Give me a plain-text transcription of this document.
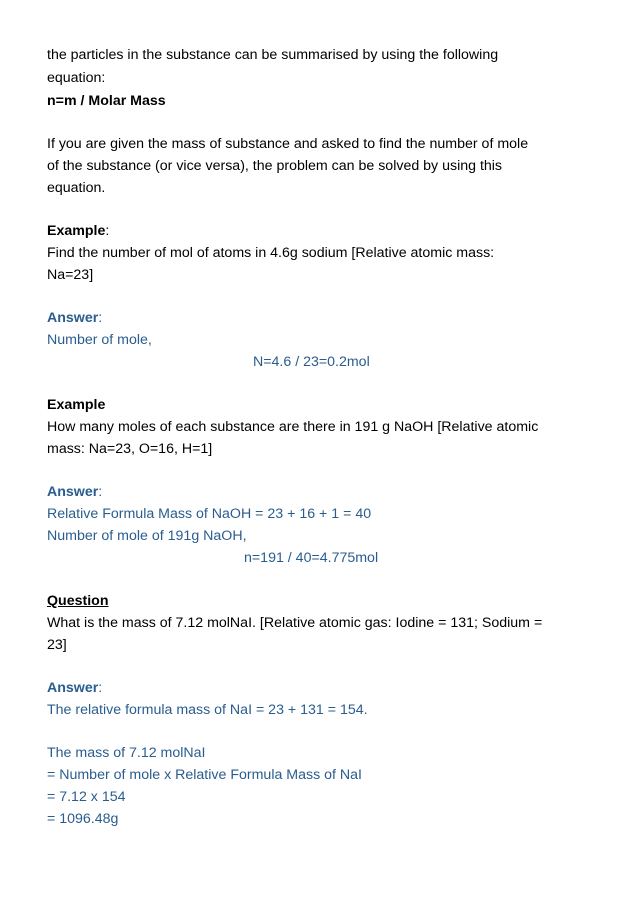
the particles in the substance can be summarised by using the following
equation:
n=m / Molar Mass
If you are given the mass of substance and asked to find the number of mole
of the substance (or vice versa), the problem can be solved by using this
equation.
Example:
Find the number of mol of atoms in 4.6g sodium [Relative atomic mass:
Na=23]
Answer:
Number of mole,
N=4.6 / 23=0.2mol
Example
How many moles of each substance are there in 191 g NaOH [Relative atomic
mass: Na=23, O=16, H=1]
Answer:
Relative Formula Mass of NaOH = 23 + 16 + 1 = 40
Number of mole of 191g NaOH,
n=191 / 40=4.775mol
Question
What is the mass of 7.12 molNaI. [Relative atomic gas: Iodine = 131; Sodium =
23]
Answer:
The relative formula mass of NaI = 23 + 131 = 154.
The mass of 7.12 molNaI
= Number of mole x Relative Formula Mass of NaI
= 7.12 x 154
= 1096.48g
